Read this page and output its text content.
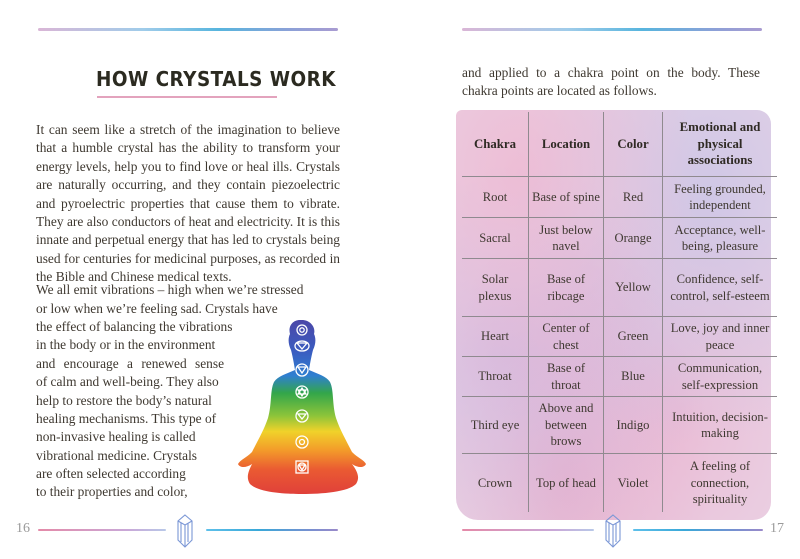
HOW CRYSTALS WORK
It can seem like a stretch of the imagination to believe that a humble crystal has the ability to transform your energy levels, help you to find love or heal ills. Crystals are naturally occurring, and they contain piezoelectric and pyroelectric properties that cause them to vibrate. They are also conductors of heat and electricity. It is this innate and perpetual energy that has led to crystals being used for centuries for medicinal purposes, as recorded in the Bible and Chinese medical texts.
We all emit vibrations – high when we’re stressed
or low when we’re feeling sad. Crystals have
the effect of balancing the vibrations
in the body or in the environment
and encourage a renewed sense
of calm and well-being. They also
help to restore the body’s natural
healing mechanisms. This type of
non-invasive healing is called
vibrational medicine. Crystals
are often selected according
to their properties and color,
16
and applied to a chakra point on the body. These chakra points are located as follows.
Chakra	Location	Color	Emotional and physical associations
Root	Base of spine	Red	Feeling grounded, independent
Sacral	Just below navel	Orange	Acceptance, well-being, pleasure
Solar plexus	Base of ribcage	Yellow	Confidence, self-control, self-esteem
Heart	Center of chest	Green	Love, joy and inner peace
Throat	Base of throat	Blue	Communication, self-expression
Third eye	Above and between brows	Indigo	Intuition, decision-making
Crown	Top of head	Violet	A feeling of connection, spirituality
17
